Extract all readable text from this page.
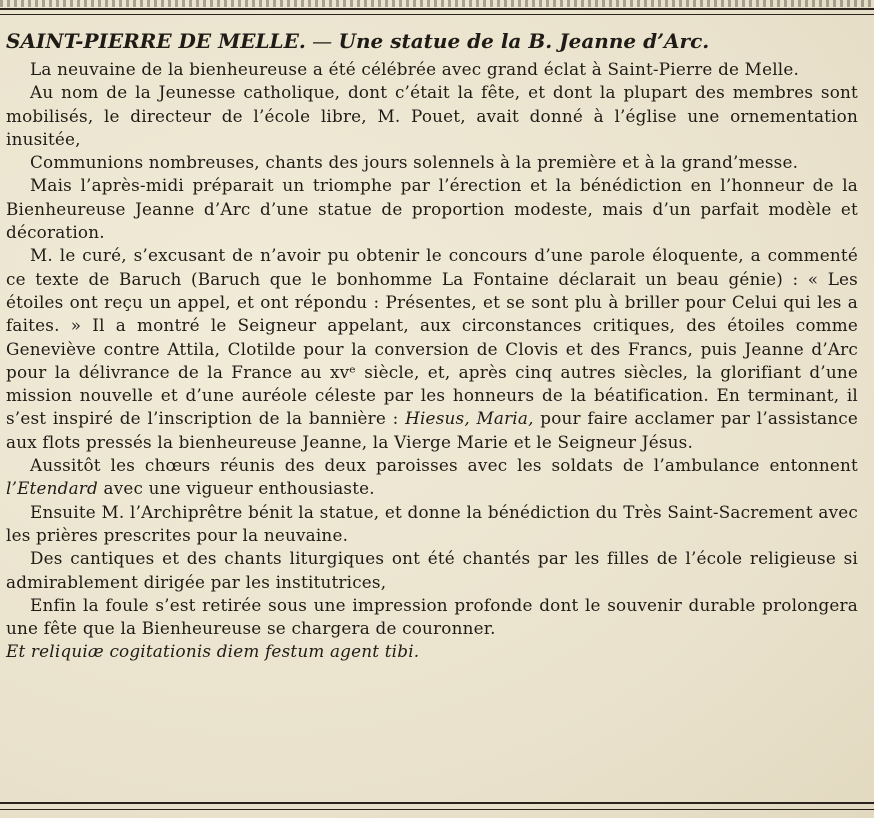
SAINT-PIERRE DE MELLE. — Une statue de la B. Jeanne d’Arc.

La neuvaine de la bienheureuse a été célébrée avec grand éclat à Saint-Pierre de Melle.

Au nom de la Jeunesse catholique, dont c’était la fête, et dont la plupart des membres sont mobilisés, le directeur de l’école libre, M. Pouet, avait donné à l’église une ornementation inusitée,

Communions nombreuses, chants des jours solennels à la première et à la grand’messe.

Mais l’après-midi préparait un triomphe par l’érection et la bénédiction en l’honneur de la Bienheureuse Jeanne d’Arc d’une statue de proportion modeste, mais d’un parfait modèle et décoration.

M. le curé, s’excusant de n’avoir pu obtenir le concours d’une parole éloquente, a commenté ce texte de Baruch (Baruch que le bonhomme La Fontaine déclarait un beau génie) : « Les étoiles ont reçu un appel, et ont répondu : Présentes, et se sont plu à briller pour Celui qui les a faites. » Il a montré le Seigneur appelant, aux circonstances critiques, des étoiles comme Geneviève contre Attila, Clotilde pour la conversion de Clovis et des Francs, puis Jeanne d’Arc pour la délivrance de la France au xvᵉ siècle, et, après cinq autres siècles, la glorifiant d’une mission nouvelle et d’une auréole céleste par les honneurs de la béatification. En terminant, il s’est inspiré de l’inscription de la bannière : Hiesus, Maria, pour faire acclamer par l’assistance aux flots pressés la bienheureuse Jeanne, la Vierge Marie et le Seigneur Jésus.

Aussitôt les chœurs réunis des deux paroisses avec les soldats de l’ambulance entonnent l’Etendard avec une vigueur enthousiaste.

Ensuite M. l’Archiprêtre bénit la statue, et donne la bénédiction du Très Saint-Sacrement avec les prières prescrites pour la neuvaine.

Des cantiques et des chants liturgiques ont été chantés par les filles de l’école religieuse si admirablement dirigée par les institutrices,

Enfin la foule s’est retirée sous une impression profonde dont le souvenir durable prolongera une fête que la Bienheureuse se chargera de couronner.

Et reliquiæ cogitationis diem festum agent tibi.
